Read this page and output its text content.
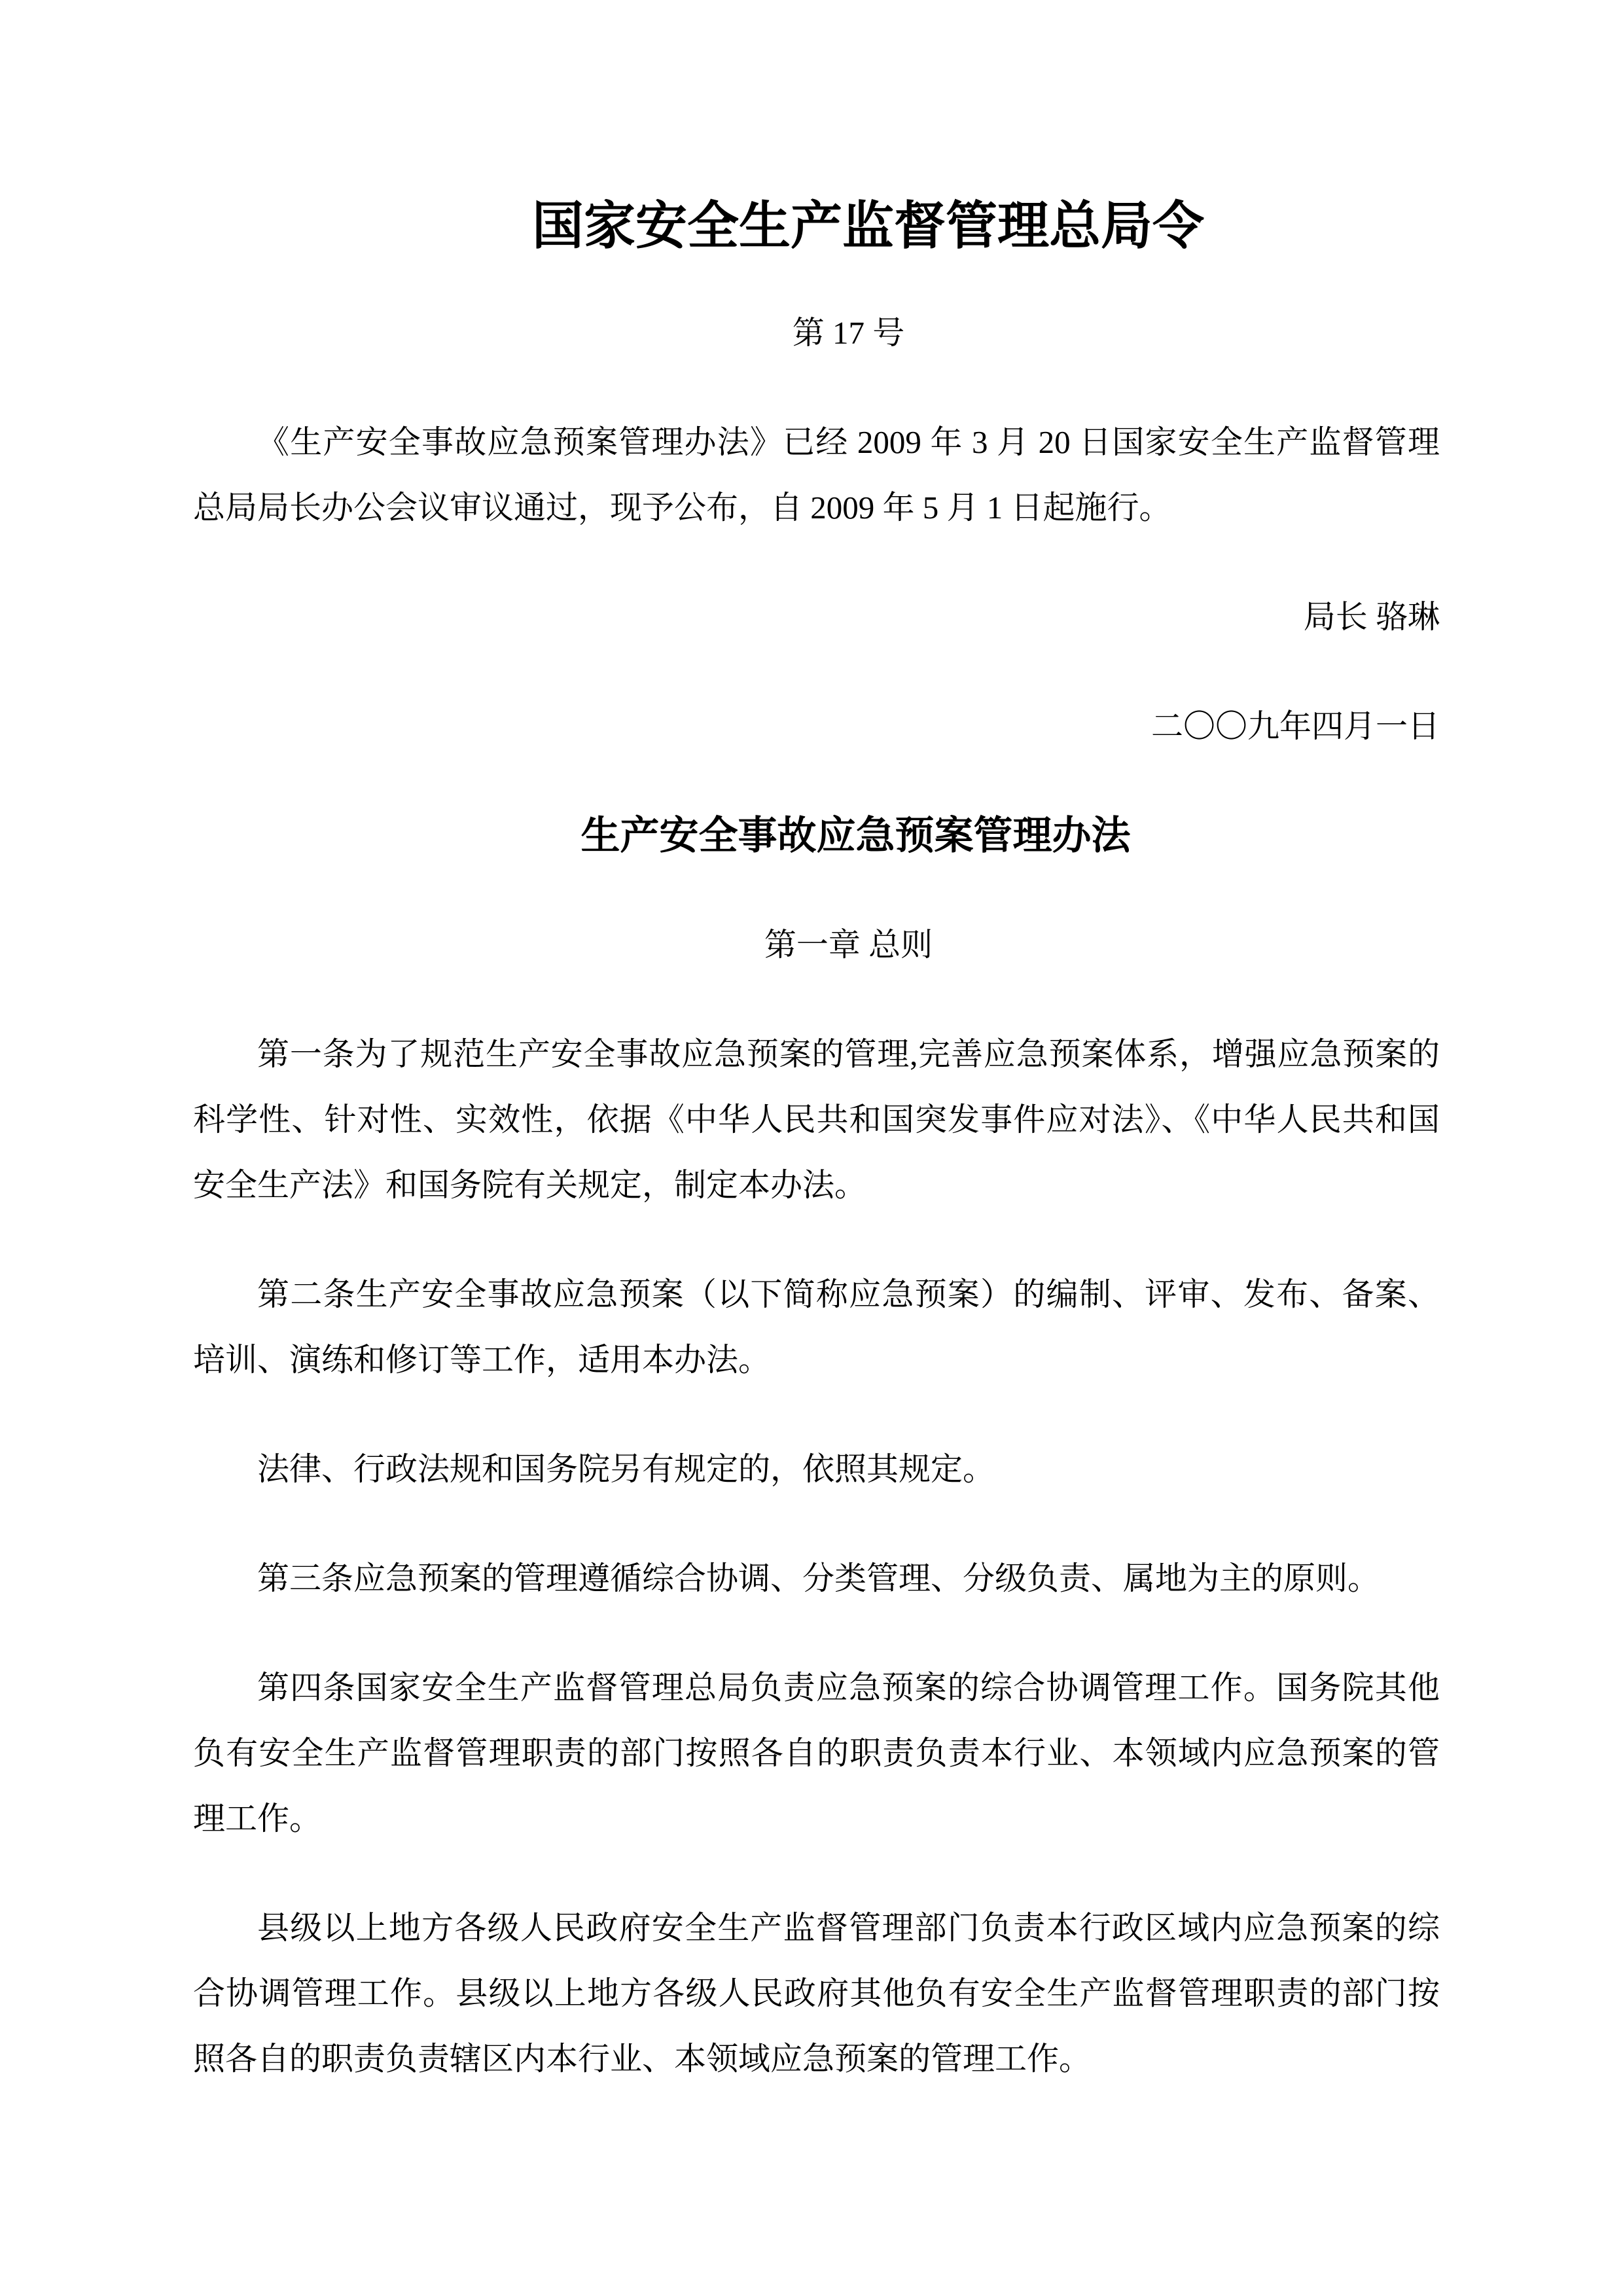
国家安全生产监督管理总局令
第 17 号
《生产安全事故应急预案管理办法》已经 2009 年 3 月 20 日国家安全生产监督管理总局局长办公会议审议通过，现予公布，自 2009 年 5 月 1 日起施行。
局长 骆琳
二〇〇九年四月一日
生产安全事故应急预案管理办法
第一章 总则
第一条为了规范生产安全事故应急预案的管理,完善应急预案体系，增强应急预案的科学性、针对性、实效性，依据《中华人民共和国突发事件应对法》、《中华人民共和国安全生产法》和国务院有关规定，制定本办法。
第二条生产安全事故应急预案（以下简称应急预案）的编制、评审、发布、备案、培训、演练和修订等工作，适用本办法。
法律、行政法规和国务院另有规定的，依照其规定。
第三条应急预案的管理遵循综合协调、分类管理、分级负责、属地为主的原则。
第四条国家安全生产监督管理总局负责应急预案的综合协调管理工作。国务院其他负有安全生产监督管理职责的部门按照各自的职责负责本行业、本领域内应急预案的管理工作。
县级以上地方各级人民政府安全生产监督管理部门负责本行政区域内应急预案的综合协调管理工作。县级以上地方各级人民政府其他负有安全生产监督管理职责的部门按照各自的职责负责辖区内本行业、本领域应急预案的管理工作。
